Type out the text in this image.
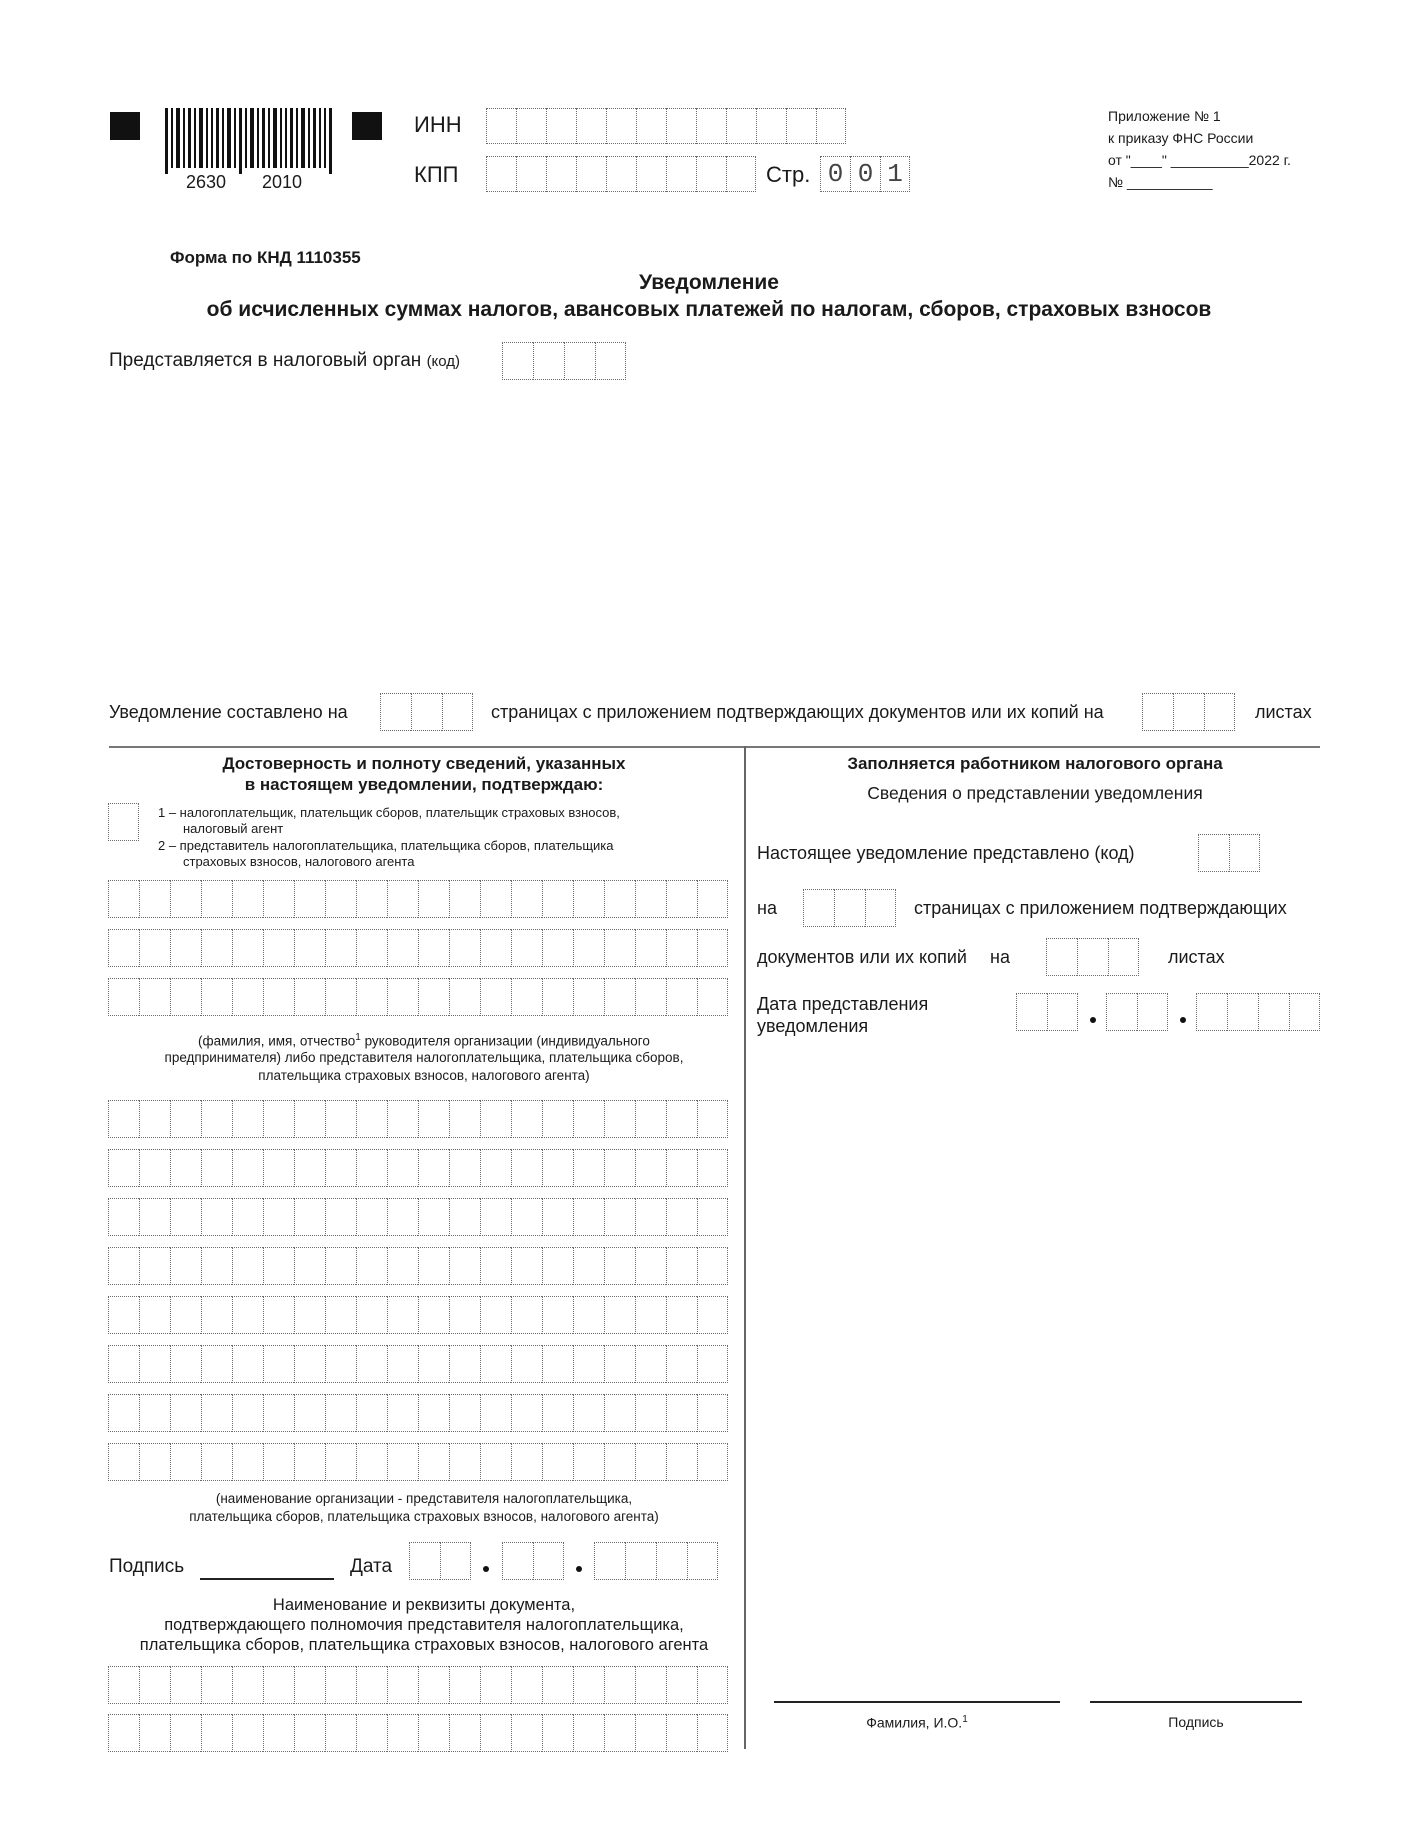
2630 2010
ИНН
КПП	Стр. 0 0 1
Приложение № 1
к приказу ФНС России
от "____" __________2022 г.
№ ___________
Форма по КНД 1110355
Уведомление
об исчисленных суммах налогов, авансовых платежей по налогам, сборов, страховых взносов
Представляется в налоговый орган (код)
Уведомление составлено на	страницах с приложением подтверждающих документов или их копий на	листах
Достоверность и полноту сведений, указанных
в настоящем уведомлении, подтверждаю:
1 – налогоплательщик, плательщик сборов, плательщик страховых взносов,
налоговый агент
2 – представитель налогоплательщика, плательщика сборов, плательщика
страховых взносов, налогового агента
(фамилия, имя, отчество$^1$ руководителя организации (индивидуального
предпринимателя) либо представителя налогоплательщика, плательщика сборов,
плательщика страховых взносов, налогового агента)
(наименование организации - представителя налогоплательщика,
плательщика сборов, плательщика страховых взносов, налогового агента)
Подпись	Дата
Наименование и реквизиты документа,
подтверждающего полномочия представителя налогоплательщика,
плательщика сборов, плательщика страховых взносов, налогового агента
Заполняется работником налогового органа
Сведения о представлении уведомления
Настоящее уведомление представлено (код)
на	страницах с приложением подтверждающих
документов или их копий на	листах
Дата представления
уведомления
Фамилия, И.О.$^1$	Подпись
